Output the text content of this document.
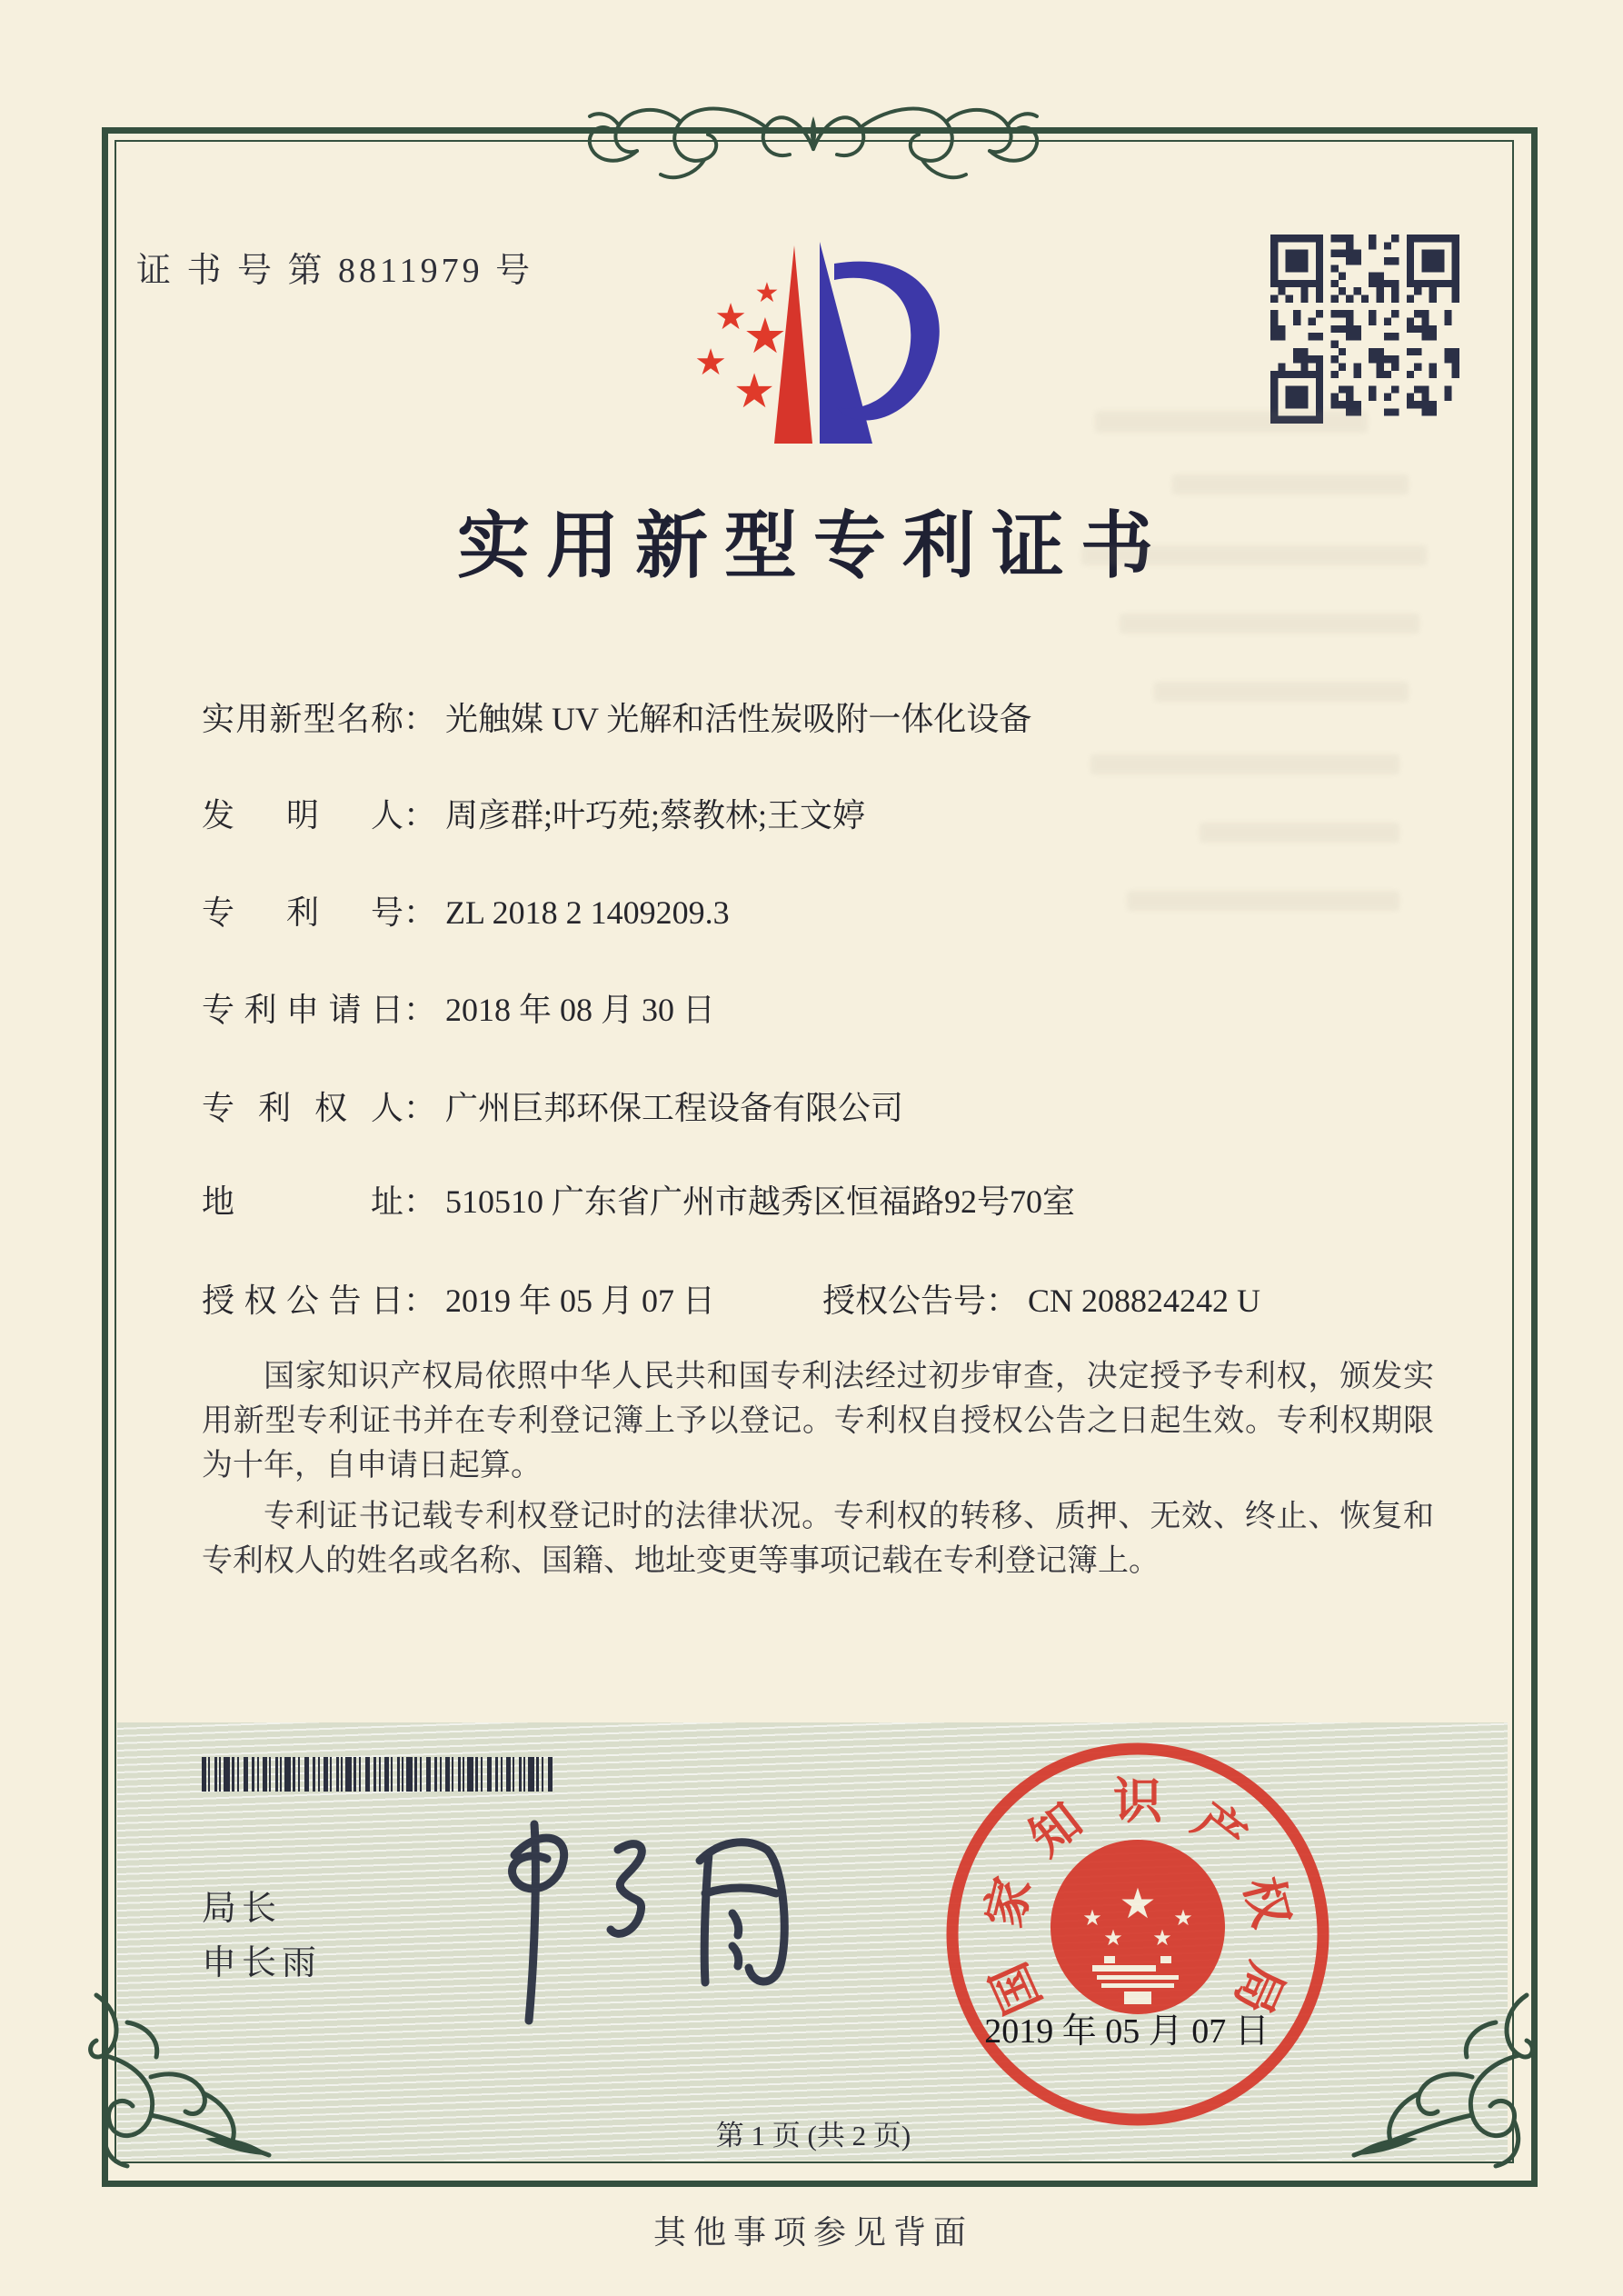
证 书 号 第 8811979 号
★
★
★
★
★
实用新型专利证书
实用新型名称： 光触媒 UV 光解和活性炭吸附一体化设备
发明人： 周彦群;叶巧苑;蔡教林;王文婷
专利号： ZL 2018 2 1409209.3
专利申请日： 2018 年 08 月 30 日
专利权人： 广州巨邦环保工程设备有限公司
地址： 510510 广东省广州市越秀区恒福路92号70室
授权公告日： 2019 年 05 月 07 日	授权公告号： CN 208824242 U

国家知识产权局依照中华人民共和国专利法经过初步审查，决定授予专利权，颁发实用新型专利证书并在专利登记簿上予以登记。专利权自授权公告之日起生效。专利权期限为十年，自申请日起算。

专利证书记载专利权登记时的法律状况。专利权的转移、质押、无效、终止、恢复和专利权人的姓名或名称、国籍、地址变更等事项记载在专利登记簿上。

局长
申长雨	国
家
知 识 产
权
局
★
★
★ ★
★
2019 年 05 月 07 日
第 1 页 (共 2 页)
其他事项参见背面
